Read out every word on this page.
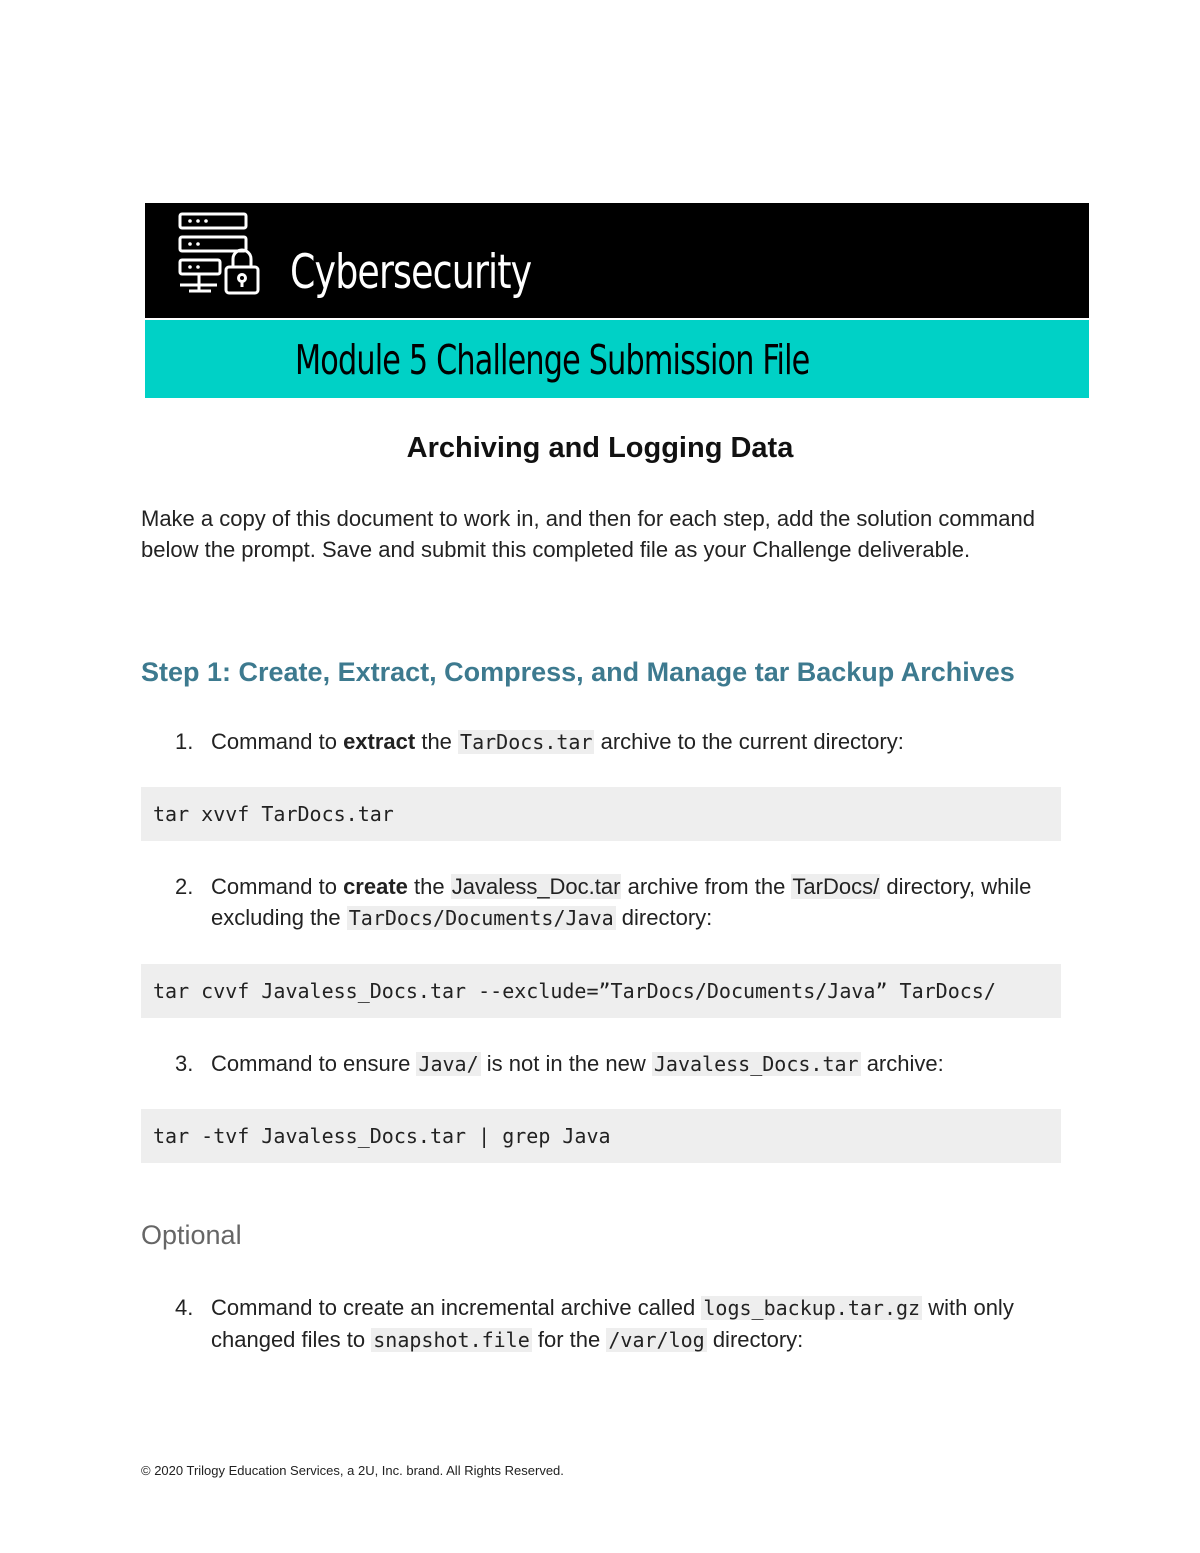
Cybersecurity
Module 5 Challenge Submission File
Archiving and Logging Data
Make a copy of this document to work in, and then for each step, add the solution command below the prompt. Save and submit this completed file as your Challenge deliverable.
Step 1: Create, Extract, Compress, and Manage tar Backup Archives
1. Command to extract the TarDocs.tar archive to the current directory:
tar xvvf TarDocs.tar
2. Command to create the Javaless_Doc.tar archive from the TarDocs/ directory, while excluding the TarDocs/Documents/Java directory:
tar cvvf Javaless_Docs.tar --exclude=”TarDocs/Documents/Java” TarDocs/
3. Command to ensure Java/ is not in the new Javaless_Docs.tar archive:
tar -tvf Javaless_Docs.tar | grep Java
Optional
4. Command to create an incremental archive called logs_backup.tar.gz with only changed files to snapshot.file for the /var/log directory:
© 2020 Trilogy Education Services, a 2U, Inc. brand. All Rights Reserved.
